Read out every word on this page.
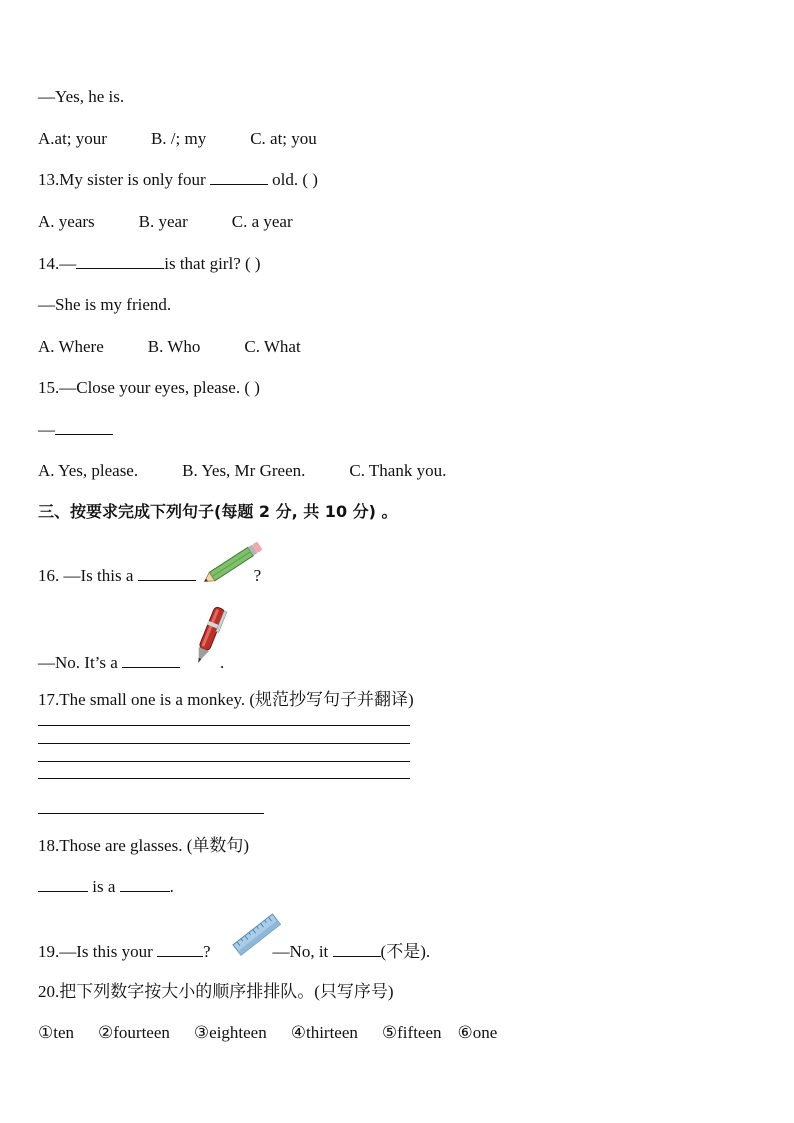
—Yes, he is.
A.at; your	B. /; my	C. at; you
13.My sister is only four	old. ( )
A. years	B. year	C. a year
14.—	is that girl? ( )
—She is my friend.
A. Where	B. Who	C. What
15.—Close your eyes, please. ( )
—
A. Yes, please.	B. Yes, Mr Green.	C. Thank you.
三、按要求完成下列句子(每题 2 分, 共 10 分) 。
16. —Is this a	?
—No. It’s a	.
17.The small one is a monkey. (规范抄写句子并翻译)
18.Those are glasses. (单数句)
is a	.
19.—Is this your	?	—No, it	(不是).
20.把下列数字按大小的顺序排排队。(只写序号)
①ten ②fourteen ③eighteen ④thirteen ⑤fifteen ⑥one
